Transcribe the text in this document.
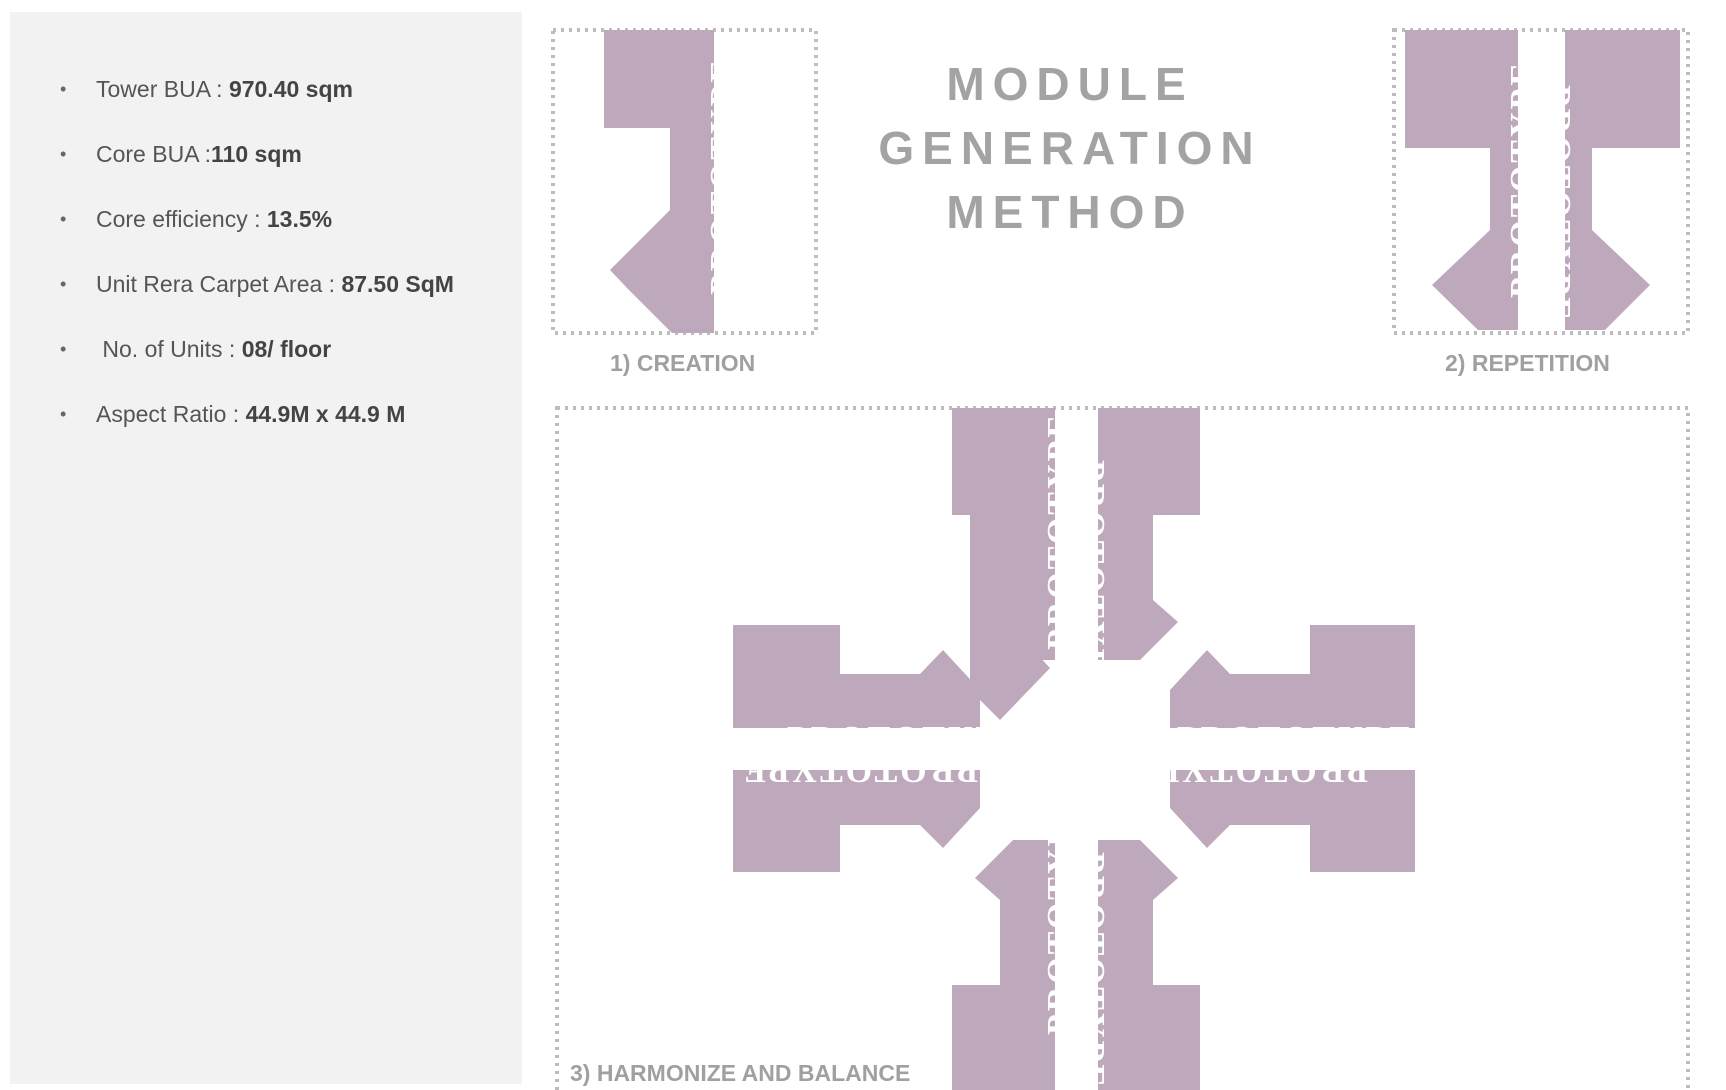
• Tower BUA : 970.40 sqm
• Core BUA :110 sqm
• Core efficiency : 13.5%
• Unit Rera Carpet Area : 87.50 SqM
• No. of Units : 08/ floor
• Aspect Ratio : 44.9M x 44.9 M
PROTOTYPE	PROTOTYPE PROTOTYPE
PROTOTYPE
PROTOTYPE
PROTOTYPE
PROTOTYPE
PROTOTYPE
PROTOTYPE
PROTOTYPE
PROTOTYPE
MODULE
GENERATION
METHOD
1) CREATION	2) REPETITION
3) HARMONIZE AND BALANCE
